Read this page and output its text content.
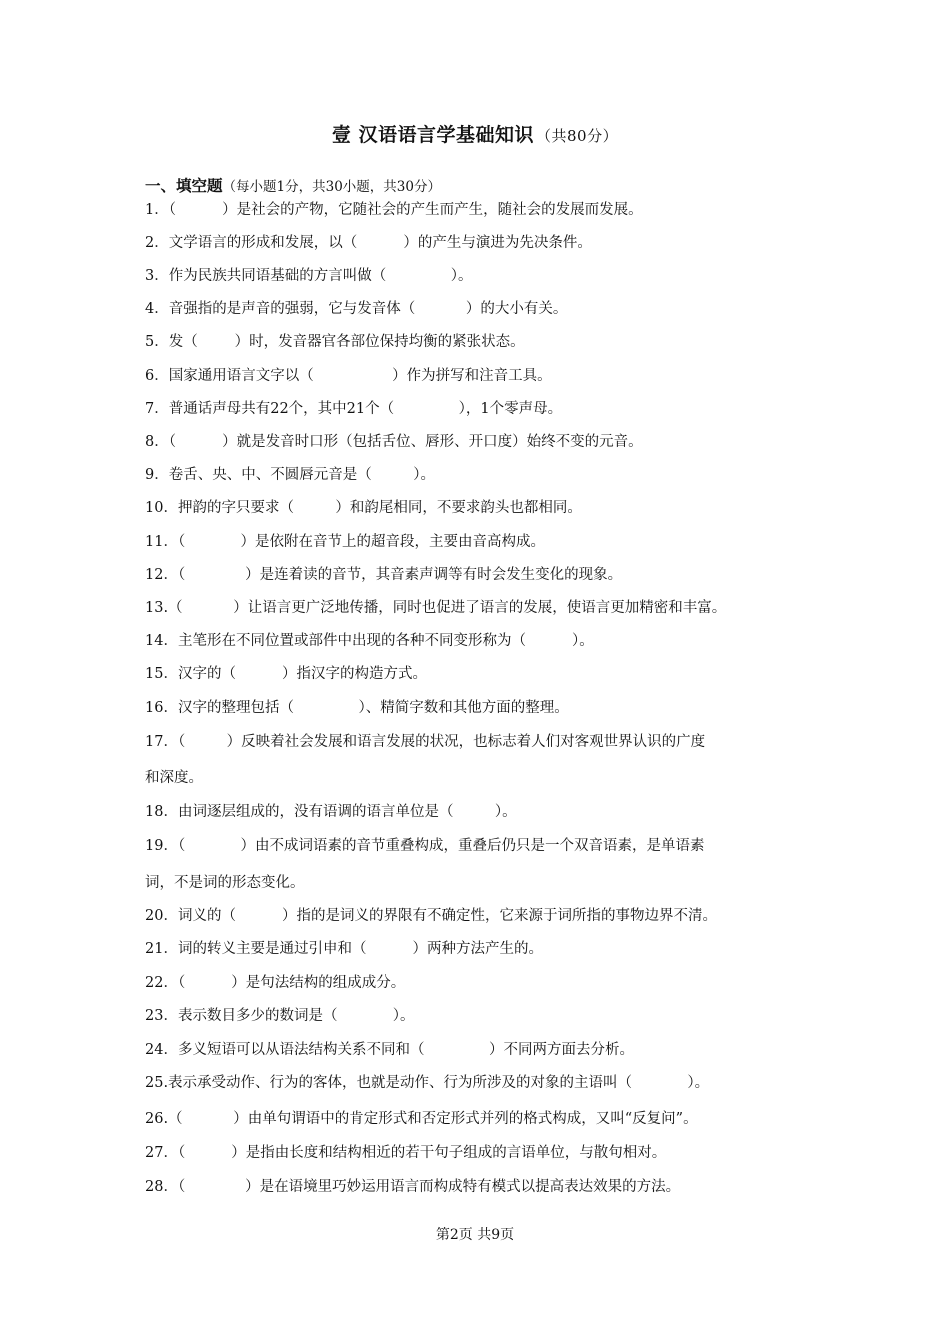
壹 汉语语言学基础知识 （共80分）
一、填空题（每小题1分，共30小题，共30分）
1．（          ）是社会的产物，它随社会的产生而产生，随社会的发展而发展。
2．文学语言的形成和发展，以（          ）的产生与演进为先决条件。
3．作为民族共同语基础的方言叫做（              ）。
4．音强指的是声音的强弱，它与发音体（           ）的大小有关。
5．发（        ）时，发音器官各部位保持均衡的紧张状态。
6．国家通用语言文字以（                 ）作为拼写和注音工具。
7．普通话声母共有22个，其中21个（              ），1个零声母。
8．（          ）就是发音时口形（包括舌位、唇形、开口度）始终不变的元音。
9．卷舌、央、中、不圆唇元音是（         ）。
10．押韵的字只要求（         ）和韵尾相同，不要求韵头也都相同。
11．（            ）是依附在音节上的超音段，主要由音高构成。
12．（             ）是连着读的音节，其音素声调等有时会发生变化的现象。
13.（           ）让语言更广泛地传播，同时也促进了语言的发展，使语言更加精密和丰富。
14．主笔形在不同位置或部件中出现的各种不同变形称为（          ）。
15．汉字的（          ）指汉字的构造方式。
16．汉字的整理包括（              ）、精简字数和其他方面的整理。
17．（         ）反映着社会发展和语言发展的状况，也标志着人们对客观世界认识的广度
和深度。
18．由词逐层组成的，没有语调的语言单位是（         ）。
19．（            ）由不成词语素的音节重叠构成，重叠后仍只是一个双音语素，是单语素
词，不是词的形态变化。
20．词义的（          ）指的是词义的界限有不确定性，它来源于词所指的事物边界不清。
21．词的转义主要是通过引申和（          ）两种方法产生的。
22．（          ）是句法结构的组成成分。
23．表示数目多少的数词是（            ）。
24．多义短语可以从语法结构关系不同和（              ）不同两方面去分析。
25.表示承受动作、行为的客体，也就是动作、行为所涉及的对象的主语叫（            ）。
26.（           ）由单句谓语中的肯定形式和否定形式并列的格式构成，又叫“反复问”。
27．（          ）是指由长度和结构相近的若干句子组成的言语单位，与散句相对。
28．（             ）是在语境里巧妙运用语言而构成特有模式以提高表达效果的方法。
第2页 共9页
